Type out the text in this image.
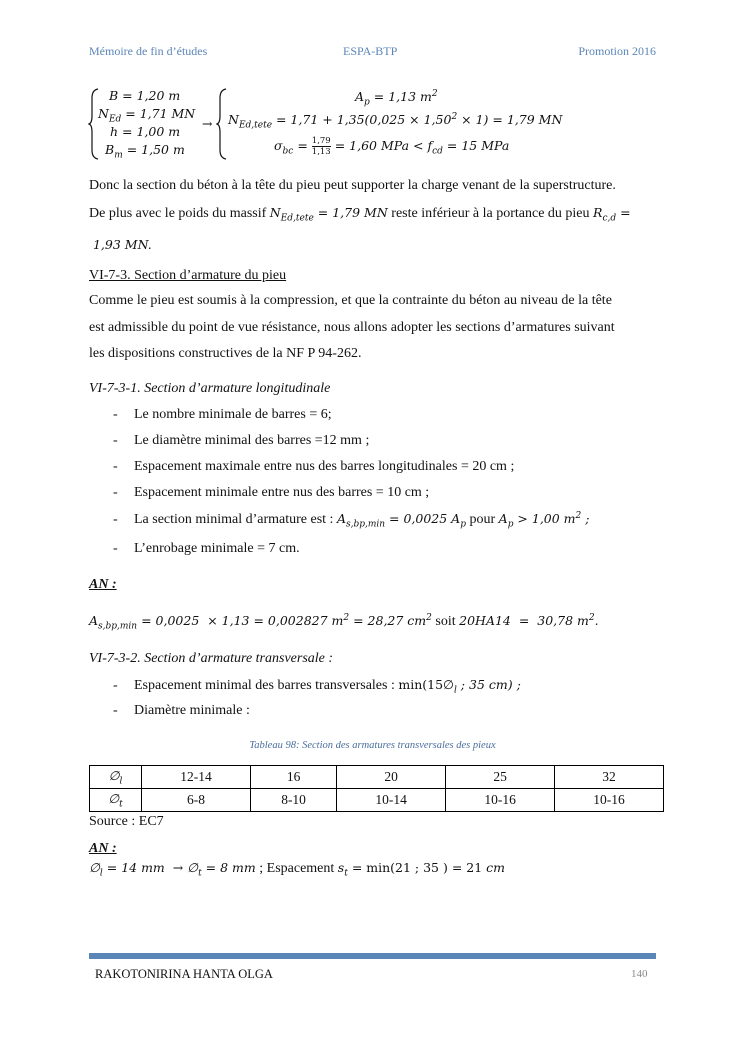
Mémoire de fin d’études	ESPA-BTP	Promotion 2016
B = 1,20 m
$N_{Ed} = 1,71$ MN
h = 1,00 m
$B_m = 1,50$ m
→
$A_p = 1,13$ $m^2$
$N_{Ed,tete} = 1,71 + 1,35(0,025 \times 1,50^2 \times 1) = 1,79$ MN
$\sigma_{bc} = \frac{1,79}{1,13} = 1,60$ MPa < $f_{cd} = 15$ MPa
Donc la section du béton à la tête du pieu peut supporter la charge venant de la superstructure.
De plus avec le poids du massif $N_{Ed,tete} = 1,79$ MN reste inférieur à la portance du pieu $R_{c,d}$ =
1,93 MN.
VI-7-3. Section d’armature du pieu
Comme le pieu est soumis à la compression, et que la contrainte du béton au niveau de la tête
est admissible du point de vue résistance, nous allons adopter les sections d’armatures suivant
les dispositions constructives de la NF P 94-262.
VI-7-3-1. Section d’armature longitudinale
- Le nombre minimale de barres = 6;
- Le diamètre minimal des barres =12 mm ;
- Espacement maximale entre nus des barres longitudinales = 20 cm ;
- Espacement minimale entre nus des barres = 10 cm ;
- La section minimal d’armature est : $A_{s,bp,min} = 0,0025$ $A_p$ pour $A_p > 1,00$ $m^2$ ;
- L’enrobage minimale = 7 cm.
AN :
$A_{s,bp,min} = 0,0025 \times 1,13 = 0,002827$ $m^2 = 28,27$ $cm^2$ soit 20HA14  =  30,78 $m^2$.
VI-7-3-2. Section d’armature transversale :
- Espacement minimal des barres transversales : $\min(15\emptyset_l$ ; 35 cm) ;
- Diamètre minimale :
Tableau 98: Section des armatures transversales des pieux
$\emptyset_l$	12-14	16	20	25	32
$\emptyset_t$	6-8	8-10	10-14	10-16	10-16
Source : EC7
AN :
$\emptyset_l = 14$ mm  → $\emptyset_t = 8$ mm ; Espacement $s_t = \min(21$ ; 35 ) = 21 cm
RAKOTONIRINA HANTA OLGA	140
